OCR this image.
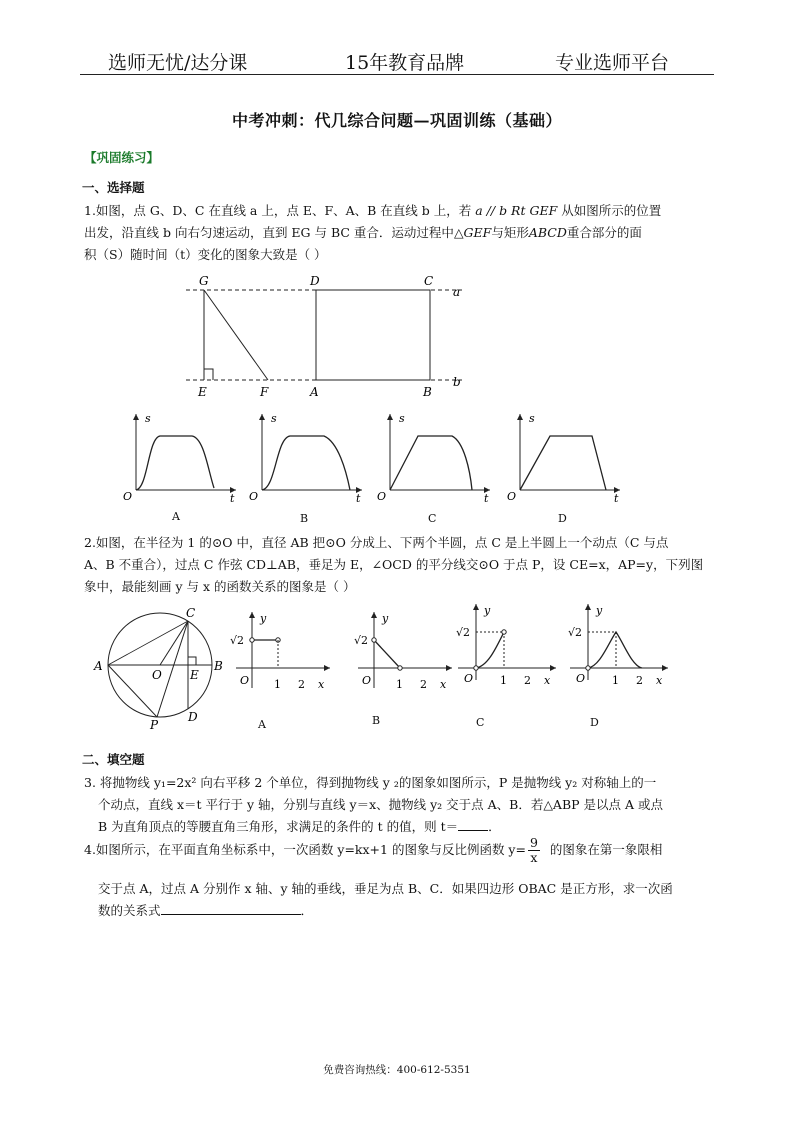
选师无忧/达分课	15年教育品牌	专业选师平台
中考冲刺：代几综合问题—巩固训练（基础）
【巩固练习】
一、选择题
1.如图，点 G、D、C 在直线 a 上，点 E、F、A、B 在直线 b 上，若 a // b Rt GEF 从如图所示的位置
出发，沿直线 b 向右匀速运动，直到 EG 与 BC 重合．运动过程中△GEF与矩形ABCD重合部分的面
积（S）随时间（t）变化的图象大致是（ ）
G	D	C
a
E	F	A	B
b
s
O	t
A
s
O	t
B
s
O	t
C
s
O	t
D
2.如图，在半径为 1 的⊙O 中，直径 AB 把⊙O 分成上、下两个半圆，点 C 是上半圆上一个动点（C 与点
A、B 不重合），过点 C 作弦 CD⊥AB，垂足为 E，∠OCD 的平分线交⊙O 于点 P，设 CE=x，AP=y，下列图
象中，最能刻画 y 与 x 的函数关系的图象是（ ）
A	B
C
D
E
O
P
√2
y
O 1 2 x
A
√2
y
O 1 2 x
B
√2
y
O 1 2 x
C
√2
y
O 1 2 x
D
二、填空题
3. 将抛物线 y₁=2x² 向右平移 2 个单位，得到抛物线 y ₂的图象如图所示，P 是抛物线 y₂ 对称轴上的一
个动点，直线 x＝t 平行于 y 轴，分别与直线 y＝x、抛物线 y₂ 交于点 A、B．若△ABP 是以点 A 或点
B 为直角顶点的等腰直角三角形，求满足的条件的 t 的值，则 t＝ ．
4.如图所示，在平面直角坐标系中，一次函数 y=kx+1 的图象与反比例函数 $y= \frac{9}{x}$ 的图象在第一象限相
交于点 A，过点 A 分别作 x 轴、y 轴的垂线，垂足为点 B、C．如果四边形 OBAC 是正方形，求一次函
数的关系式	．
免费咨询热线：400-612-5351
